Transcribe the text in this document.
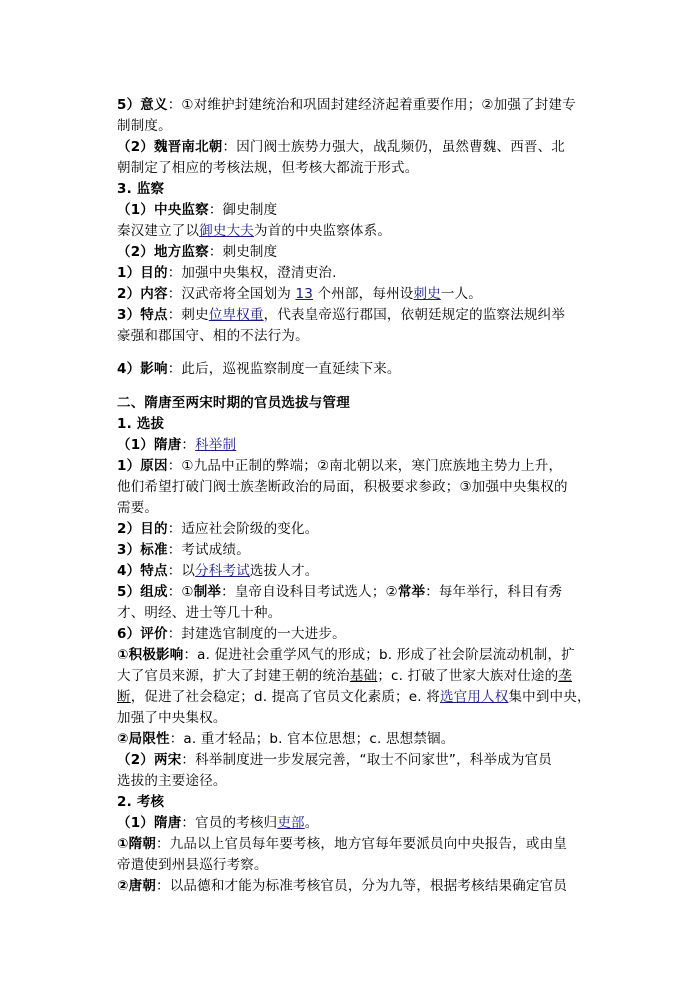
5）意义：①对维护封建统治和巩固封建经济起着重要作用；②加强了封建专
制制度。
（2）魏晋南北朝：因门阀士族势力强大，战乱频仍，虽然曹魏、西晋、北
朝制定了相应的考核法规，但考核大都流于形式。
3. 监察
（1）中央监察：御史制度
秦汉建立了以御史大夫为首的中央监察体系。
（2）地方监察：刺史制度
1）目的：加强中央集权，澄清吏治.
2）内容：汉武帝将全国划为 13 个州部，每州设刺史一人。
3）特点：刺史位卑权重，代表皇帝巡行郡国，依朝廷规定的监察法规纠举
豪强和郡国守、相的不法行为。
4）影响：此后，巡视监察制度一直延续下来。
二、隋唐至两宋时期的官员选拔与管理
1. 选拔
（1）隋唐：科举制
1）原因：①九品中正制的弊端；②南北朝以来，寒门庶族地主势力上升，
他们希望打破门阀士族垄断政治的局面，积极要求参政；③加强中央集权的
需要。
2）目的：适应社会阶级的变化。
3）标准：考试成绩。
4）特点：以分科考试选拔人才。
5）组成：①制举：皇帝自设科目考试选人；②常举：每年举行，科目有秀
才、明经、进士等几十种。
6）评价：封建选官制度的一大进步。
①积极影响：a. 促进社会重学风气的形成；b. 形成了社会阶层流动机制，扩
大了官员来源，扩大了封建王朝的统治基础；c. 打破了世家大族对仕途的垄
断，促进了社会稳定；d. 提高了官员文化素质；e. 将选官用人权集中到中央，
加强了中央集权。
②局限性：a. 重才轻品；b. 官本位思想；c. 思想禁锢。
（2）两宋：科举制度进一步发展完善，“取士不问家世”，科举成为官员
选拔的主要途径。
2. 考核
（1）隋唐：官员的考核归吏部。
①隋朝：九品以上官员每年要考核，地方官每年要派员向中央报告，或由皇
帝遣使到州县巡行考察。
②唐朝：以品德和才能为标准考核官员，分为九等，根据考核结果确定官员
